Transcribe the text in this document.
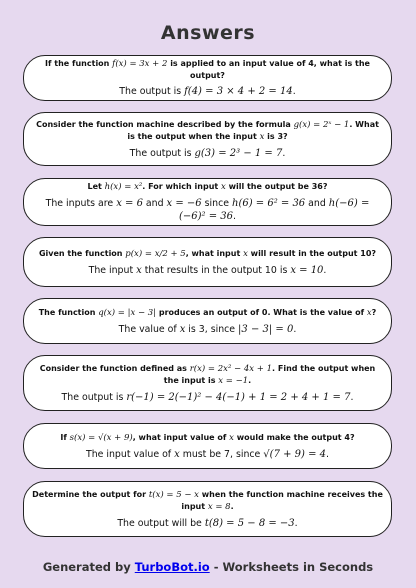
Answers
If the function f(x) = 3x + 2 is applied to an input value of 4, what is the output?
The output is f(4) = 3 × 4 + 2 = 14.
Consider the function machine described by the formula g(x) = 2ˣ − 1. What is the output when the input x is 3?
The output is g(3) = 2³ − 1 = 7.
Let h(x) = x². For which input x will the output be 36?
The inputs are x = 6 and x = −6 since h(6) = 6² = 36 and h(−6) = (−6)² = 36.
Given the function p(x) = x/2 + 5, what input x will result in the output 10?
The input x that results in the output 10 is x = 10.
The function q(x) = |x − 3| produces an output of 0. What is the value of x?
The value of x is 3, since |3 − 3| = 0.
Consider the function defined as r(x) = 2x² − 4x + 1. Find the output when the input is x = −1.
The output is r(−1) = 2(−1)² − 4(−1) + 1 = 2 + 4 + 1 = 7.
If s(x) = √(x + 9), what input value of x would make the output 4?
The input value of x must be 7, since √(7 + 9) = 4.
Determine the output for t(x) = 5 − x when the function machine receives the input x = 8.
The output will be t(8) = 5 − 8 = −3.
Generated by TurboBot.io - Worksheets in Seconds
